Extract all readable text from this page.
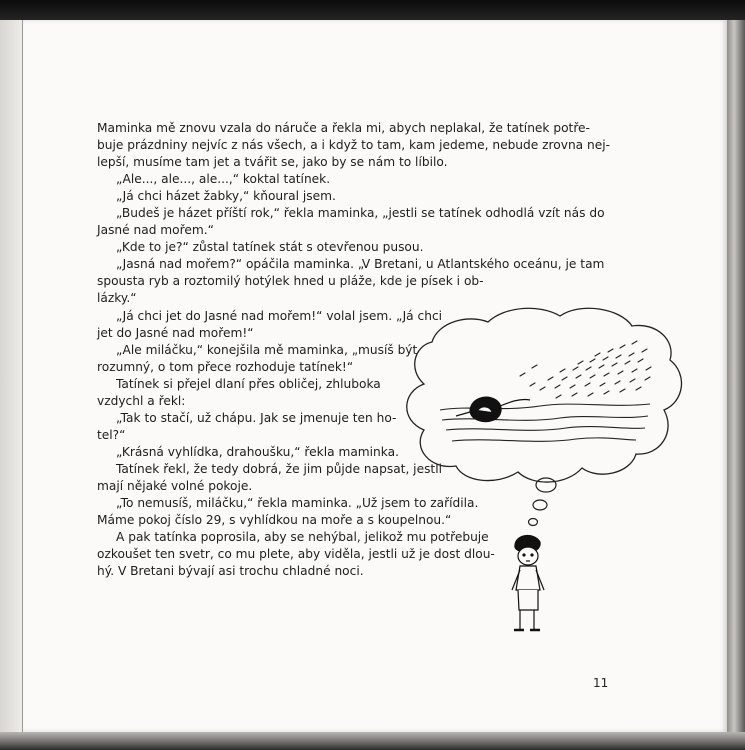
Maminka mě znovu vzala do náruče a řekla mi, abych neplakal, že tatínek potře-
buje prázdniny nejvíc z nás všech, a i když to tam, kam jedeme, nebude zrovna nej-
lepší, musíme tam jet a tvářit se, jako by se nám to líbilo.
„Ale..., ale..., ale...,“ koktal tatínek.
„Já chci házet žabky,“ kňoural jsem.
„Budeš je házet příští rok,“ řekla maminka, „jestli se tatínek odhodlá vzít nás do
Jasné nad mořem.“
„Kde to je?“ zůstal tatínek stát s otevřenou pusou.
„Jasná nad mořem?“ opáčila maminka. „V Bretani, u Atlantského oceánu, je tam
spousta ryb a roztomilý hotýlek hned u pláže, kde je písek i ob-
lázky.“
„Já chci jet do Jasné nad mořem!“ volal jsem. „Já chci
jet do Jasné nad mořem!“
„Ale miláčku,“ konejšila mě maminka, „musíš být
rozumný, o tom přece rozhoduje tatínek!“
Tatínek si přejel dlaní přes obličej, zhluboka
vzdychl a řekl:
„Tak to stačí, už chápu. Jak se jmenuje ten ho-
tel?“
„Krásná vyhlídka, drahoušku,“ řekla maminka.
Tatínek řekl, že tedy dobrá, že jim půjde napsat, jestli
mají nějaké volné pokoje.
„To nemusíš, miláčku,“ řekla maminka. „Už jsem to zařídila.
Máme pokoj číslo 29, s vyhlídkou na moře a s koupelnou.“
A pak tatínka poprosila, aby se nehýbal, jelikož mu potřebuje
ozkoušet ten svetr, co mu plete, aby viděla, jestli už je dost dlou-
hý. V Bretani bývají asi trochu chladné noci.
11
